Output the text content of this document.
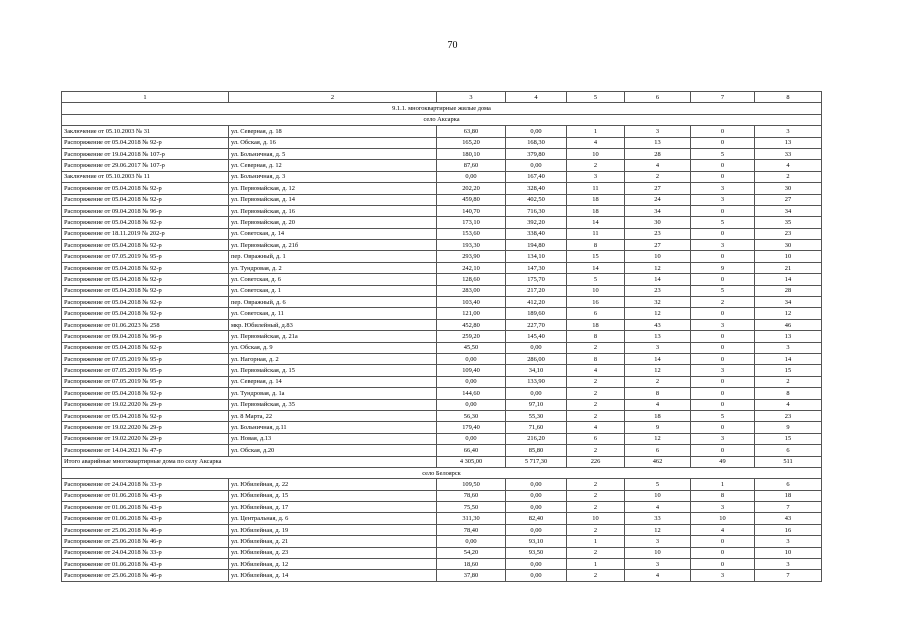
70
1	2	3	4	5	6	7	8
9.1.1. многоквартирные жилые дома							
село Аксарка							
Заключение от 05.10.2003 № 31	ул. Северная, д. 18	63,80	0,00	1	3	0	3
Распоряжение от 05.04.2018 № 92-р	ул. Обская, д. 16	165,20	168,30	4	13	0	13
Распоряжение от 19.04.2018 № 107-р	ул. Больничная, д. 5	180,10	379,80	10	28	5	33
Распоряжение от 29.06.2017 № 107-р	ул. Северная, д. 12	87,60	0,00	2	4	0	4
Заключение от 05.10.2003 № 11	ул. Больничная, д. 3	0,00	167,40	3	2	0	2
Распоряжение от 05.04.2018 № 92-р	ул. Первомайская, д. 12	202,20	328,40	11	27	3	30
Распоряжение от 05.04.2018 № 92-р	ул. Первомайская, д. 14	459,80	402,50	18	24	3	27
Распоряжение от 09.04.2018 № 96-р	ул. Первомайская, д. 16	140,70	716,30	18	34	0	34
Распоряжение от 05.04.2018 № 92-р	ул. Первомайская, д. 20	173,10	392,20	14	30	5	35
Распоряжение от 18.11.2019 № 202-р	ул. Советская, д. 14	153,60	338,40	11	23	0	23
Распоряжение от 05.04.2018 № 92-р	ул. Первомайская, д. 21б	193,30	194,80	8	27	3	30
Распоряжение от 07.05.2019 № 95-р	пер. Овражный, д. 1	293,90	134,10	15	10	0	10
Распоряжение от 05.04.2018 № 92-р	ул. Тундровая, д. 2	242,10	147,30	14	12	9	21
Распоряжение от 05.04.2018 № 92-р	ул. Советская, д. 6	128,60	175,70	5	14	0	14
Распоряжение от 05.04.2018 № 92-р	ул. Советская, д. 1	283,00	217,20	10	23	5	28
Распоряжение от 05.04.2018 № 92-р	пер. Овражный, д. 6	103,40	412,20	16	32	2	34
Распоряжение от 05.04.2018 № 92-р	ул. Советская, д. 11	121,00	189,60	6	12	0	12
Распоряжение от 01.06.2023 № 258	мкр. Юбилейный, д.83	452,80	227,70	18	43	3	46
Распоряжение от 09.04.2018 № 96-р	ул. Первомайская, д. 21а	259,20	145,40	8	13	0	13
Распоряжение от 05.04.2018 № 92-р	ул. Обская, д. 9	45,50	0,00	2	3	0	3
Распоряжение от 07.05.2019 № 95-р	ул. Нагорная, д. 2	0,00	286,00	8	14	0	14
Распоряжение от 07.05.2019 № 95-р	ул. Первомайская, д. 15	109,40	34,10	4	12	3	15
Распоряжение от 07.05.2019 № 95-р	ул. Северная, д. 14	0,00	133,90	2	2	0	2
Распоряжение от 05.04.2018 № 92-р	ул. Тундровая, д. 1а	144,60	0,00	2	8	0	8
Распоряжение от 19.02.2020 № 29-р	ул. Первомайская, д. 35	0,00	97,10	2	4	0	4
Распоряжение от 05.04.2018 № 92-р	ул. 8 Марта, 22	56,30	55,30	2	18	5	23
Распоряжение от 19.02.2020 № 29-р	ул. Больничная, д.11	179,40	71,60	4	9	0	9
Распоряжение от 19.02.2020 № 29-р	ул. Новая, д.13	0,00	216,20	6	12	3	15
Распоряжение от 14.04.2021 № 47-р	ул. Обская, д.20	66,40	85,80	2	6	0	6
Итого аварийные многоквартирные дома по селу Аксарка		4 305,00	5 717,30	226	462	49	511
село Белоярск							
Распоряжение от 24.04.2018 № 33-р	ул. Юбилейная, д. 22	109,50	0,00	2	5	1	6
Распоряжение от 01.06.2018 № 43-р	ул. Юбилейная, д. 15	78,60	0,00	2	10	8	18
Распоряжение от 01.06.2018 № 43-р	ул. Юбилейная, д. 17	75,50	0,00	2	4	3	7
Распоряжение от 01.06.2018 № 43-р	ул. Центральная, д. 6	311,30	82,40	10	33	10	43
Распоряжение от 25.06.2018 № 46-р	ул. Юбилейная, д. 19	78,40	0,00	2	12	4	16
Распоряжение от 25.06.2018 № 46-р	ул. Юбилейная, д. 21	0,00	93,10	1	3	0	3
Распоряжение от 24.04.2018 № 33-р	ул. Юбилейная, д. 23	54,20	93,50	2	10	0	10
Распоряжение от 01.06.2018 № 43-р	ул. Юбилейная, д. 12	18,60	0,00	1	3	0	3
Распоряжение от 25.06.2018 № 46-р	ул. Юбилейная, д. 14	37,80	0,00	2	4	3	7
